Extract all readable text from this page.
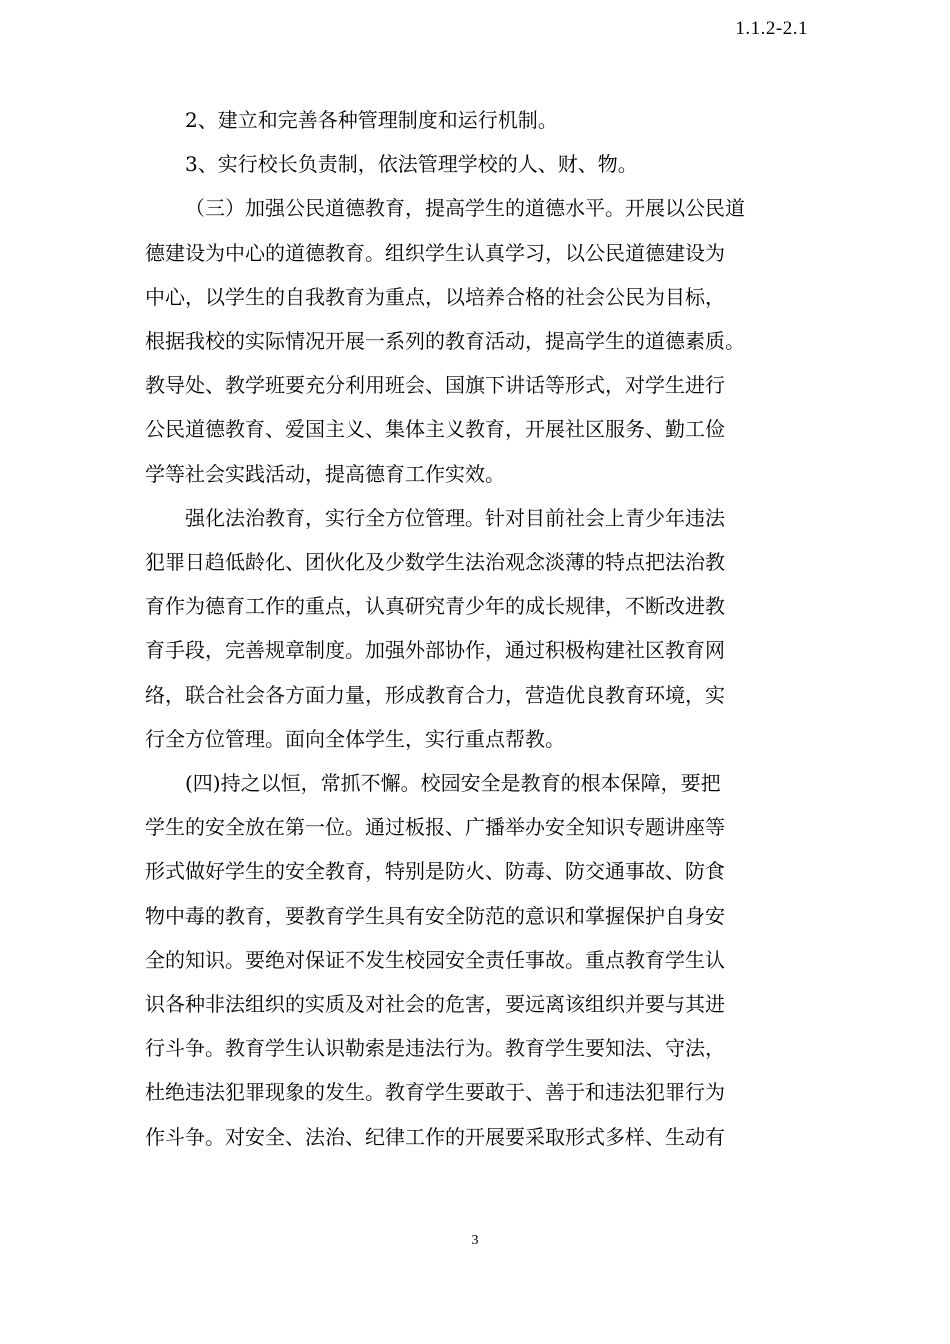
1.1.2-2.1

2、建立和完善各种管理制度和运行机制。

3、实行校长负责制，依法管理学校的人、财、物。

（三）加强公民道德教育，提高学生的道德水平。开展以公民道
德建设为中心的道德教育。组织学生认真学习，以公民道德建设为
中心，以学生的自我教育为重点，以培养合格的社会公民为目标，
根据我校的实际情况开展一系列的教育活动，提高学生的道德素质。
教导处、教学班要充分利用班会、国旗下讲话等形式，对学生进行
公民道德教育、爱国主义、集体主义教育，开展社区服务、勤工俭
学等社会实践活动，提高德育工作实效。

强化法治教育，实行全方位管理。针对目前社会上青少年违法
犯罪日趋低龄化、团伙化及少数学生法治观念淡薄的特点把法治教
育作为德育工作的重点，认真研究青少年的成长规律，不断改进教
育手段，完善规章制度。加强外部协作，通过积极构建社区教育网
络，联合社会各方面力量，形成教育合力，营造优良教育环境，实
行全方位管理。面向全体学生，实行重点帮教。

(四)持之以恒，常抓不懈。校园安全是教育的根本保障，要把
学生的安全放在第一位。通过板报、广播举办安全知识专题讲座等
形式做好学生的安全教育，特别是防火、防毒、防交通事故、防食
物中毒的教育，要教育学生具有安全防范的意识和掌握保护自身安
全的知识。要绝对保证不发生校园安全责任事故。重点教育学生认
识各种非法组织的实质及对社会的危害，要远离该组织并要与其进
行斗争。教育学生认识勒索是违法行为。教育学生要知法、守法，
杜绝违法犯罪现象的发生。教育学生要敢于、善于和违法犯罪行为
作斗争。对安全、法治、纪律工作的开展要采取形式多样、生动有

3
